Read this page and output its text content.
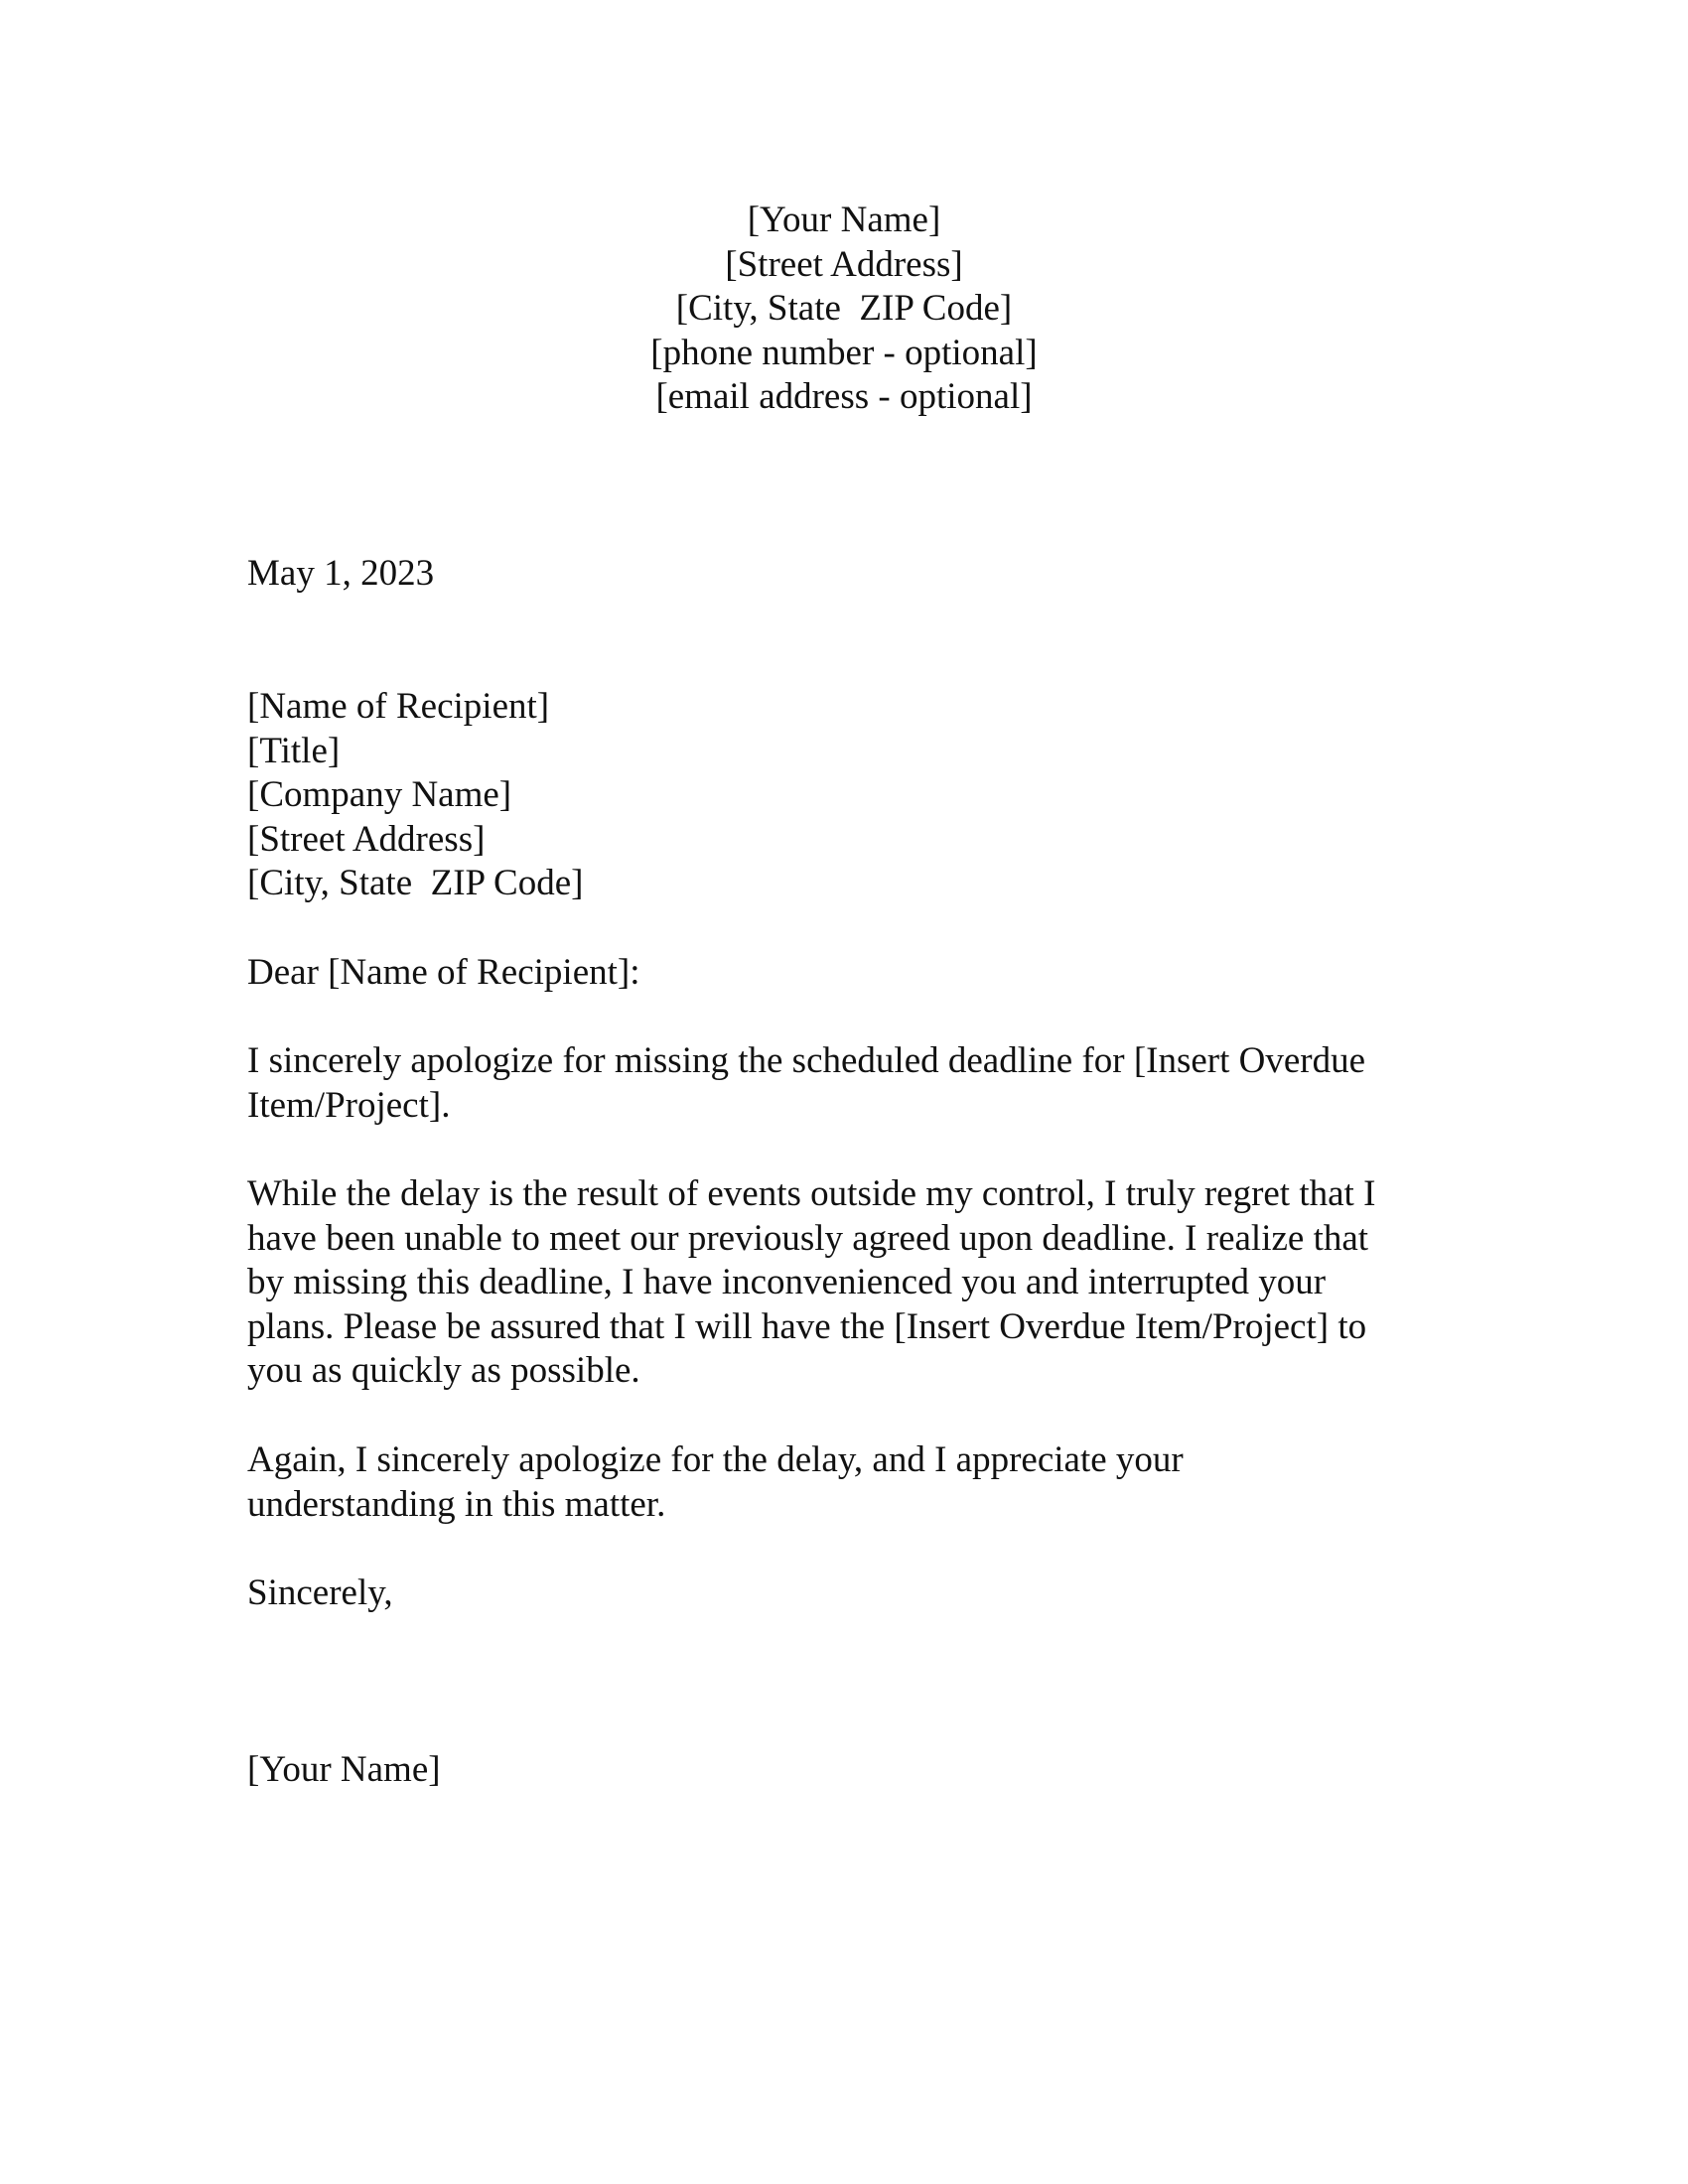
[Your Name]
[Street Address]
[City, State  ZIP Code]
[phone number - optional]
[email address - optional]
May 1, 2023
[Name of Recipient]
[Title]
[Company Name]
[Street Address]
[City, State  ZIP Code]
Dear [Name of Recipient]:
I sincerely apologize for missing the scheduled deadline for [Insert Overdue
Item/Project].
While the delay is the result of events outside my control, I truly regret that I
have been unable to meet our previously agreed upon deadline. I realize that
by missing this deadline, I have inconvenienced you and interrupted your
plans. Please be assured that I will have the [Insert Overdue Item/Project] to
you as quickly as possible.
Again, I sincerely apologize for the delay, and I appreciate your
understanding in this matter.
Sincerely,
[Your Name]
